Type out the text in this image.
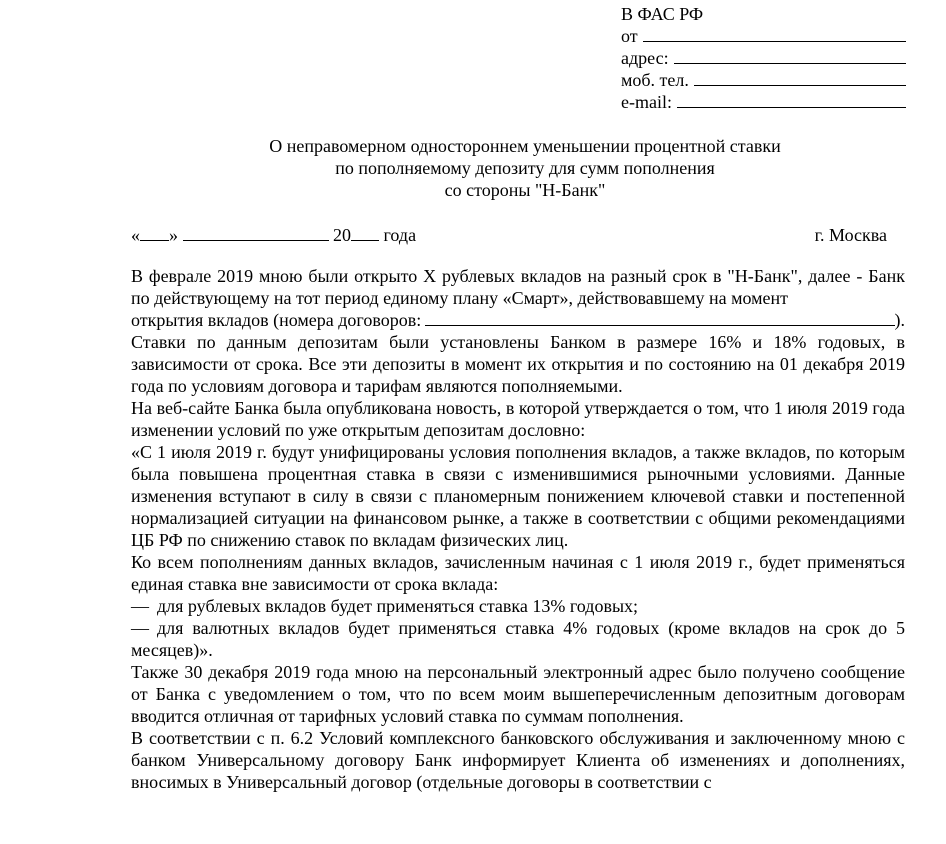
В ФАС РФ
от
адрес:
моб. тел.
e-mail:
О неправомерном одностороннем уменьшении процентной ставки
по пополняемому депозиту для сумм пополнения
со стороны "Н-Банк"
« »	20 года	г. Москва

В феврале 2019 мною были открыто Х рублевых вкладов на разный срок в "Н-Банк", далее - Банк по действующему на тот период единому плану «Смарт», действовавшему на момент

открытия вкладов (номера договоров:	).

Ставки по данным депозитам были установлены Банком в размере 16% и 18% годовых, в зависимости от срока. Все эти депозиты в момент их открытия и по состоянию на 01 декабря 2019 года по условиям договора и тарифам являются пополняемыми.

На веб-сайте Банка была опубликована новость, в которой утверждается о том, что 1 июля 2019 года изменении условий по уже открытым депозитам дословно:

«С 1 июля 2019 г. будут унифицированы условия пополнения вкладов, а также вкладов, по которым была повышена процентная ставка в связи с изменившимися рыночными условиями. Данные изменения вступают в силу в связи с планомерным понижением ключевой ставки и постепенной нормализацией ситуации на финансовом рынке, а также в соответствии с общими рекомендациями ЦБ РФ по снижению ставок по вкладам физических лиц.

Ко всем пополнениям данных вкладов, зачисленным начиная с 1 июля 2019 г., будет применяться единая ставка вне зависимости от срока вклада:

— для рублевых вкладов будет применяться ставка 13% годовых;

— для валютных вкладов будет применяться ставка 4% годовых (кроме вкладов на срок до 5 месяцев)».

Также 30 декабря 2019 года мною на персональный электронный адрес было получено сообщение от Банка с уведомлением о том, что по всем моим вышеперечисленным депозитным договорам вводится отличная от тарифных условий ставка по суммам пополнения.

В соответствии с п. 6.2 Условий комплексного банковского обслуживания и заключенному мною с банком Универсальному договору Банк информирует Клиента об изменениях и дополнениях, вносимых в Универсальный договор (отдельные договоры в соответствии с
